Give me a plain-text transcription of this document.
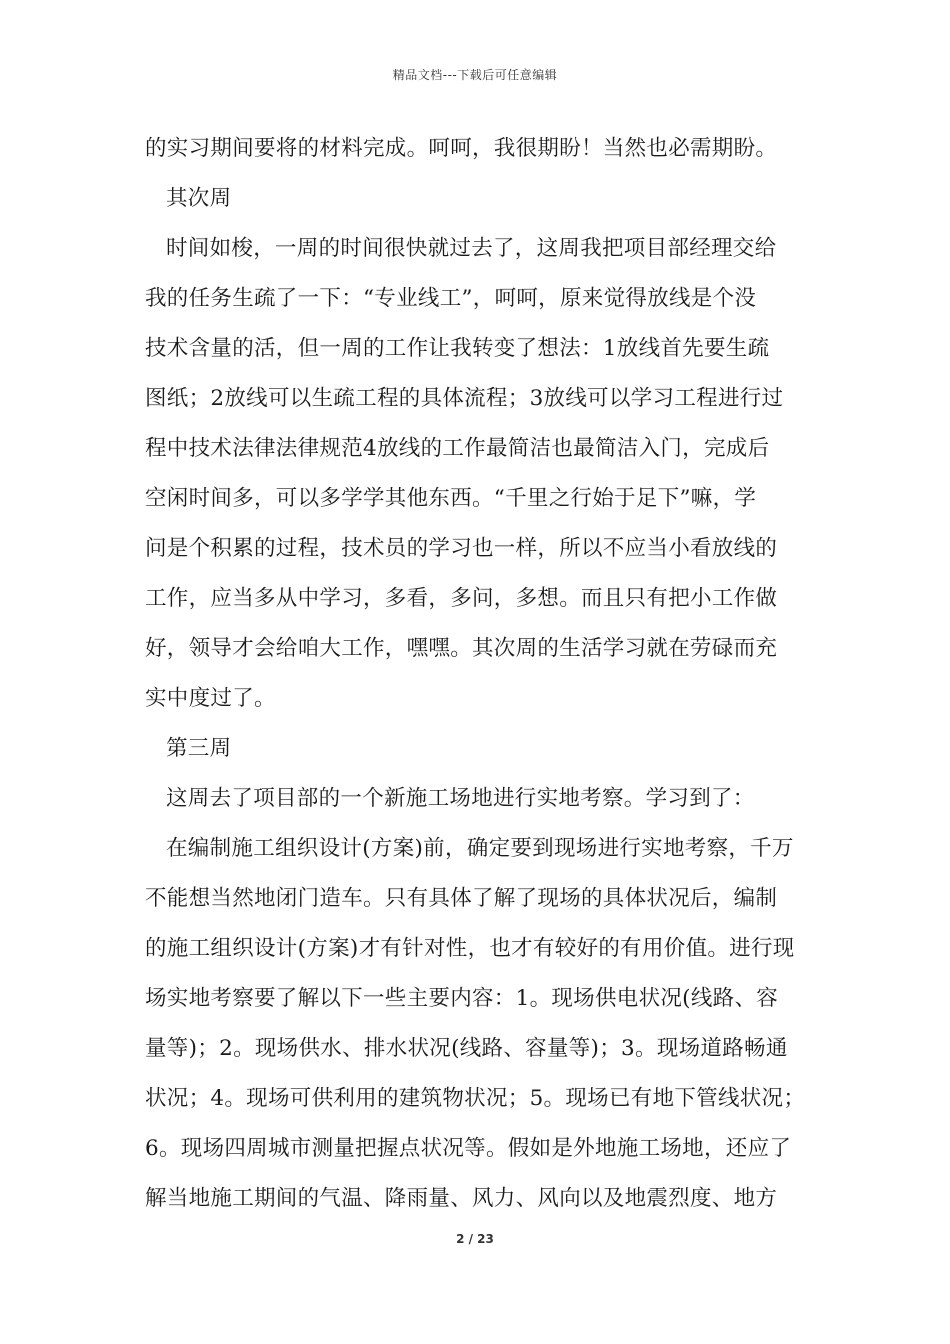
精品文档---下载后可任意编辑
的实习期间要将的材料完成。呵呵，我很期盼！当然也必需期盼。
其次周
时间如梭，一周的时间很快就过去了，这周我把项目部经理交给
我的任务生疏了一下：“专业线工”，呵呵，原来觉得放线是个没
技术含量的活，但一周的工作让我转变了想法：1放线首先要生疏
图纸；2放线可以生疏工程的具体流程；3放线可以学习工程进行过
程中技术法律法律规范4放线的工作最简洁也最简洁入门，完成后
空闲时间多，可以多学学其他东西。“千里之行始于足下”嘛，学
问是个积累的过程，技术员的学习也一样，所以不应当小看放线的
工作，应当多从中学习，多看，多问，多想。而且只有把小工作做
好，领导才会给咱大工作，嘿嘿。其次周的生活学习就在劳碌而充
实中度过了。
第三周
这周去了项目部的一个新施工场地进行实地考察。学习到了：
在编制施工组织设计(方案)前，确定要到现场进行实地考察，千万
不能想当然地闭门造车。只有具体了解了现场的具体状况后，编制
的施工组织设计(方案)才有针对性，也才有较好的有用价值。进行现
场实地考察要了解以下一些主要内容：1。现场供电状况(线路、容
量等)；2。现场供水、排水状况(线路、容量等)；3。现场道路畅通
状况；4。现场可供利用的建筑物状况；5。现场已有地下管线状况；
6。现场四周城市测量把握点状况等。假如是外地施工场地，还应了
解当地施工期间的气温、降雨量、风力、风向以及地震烈度、地方
2 / 23
